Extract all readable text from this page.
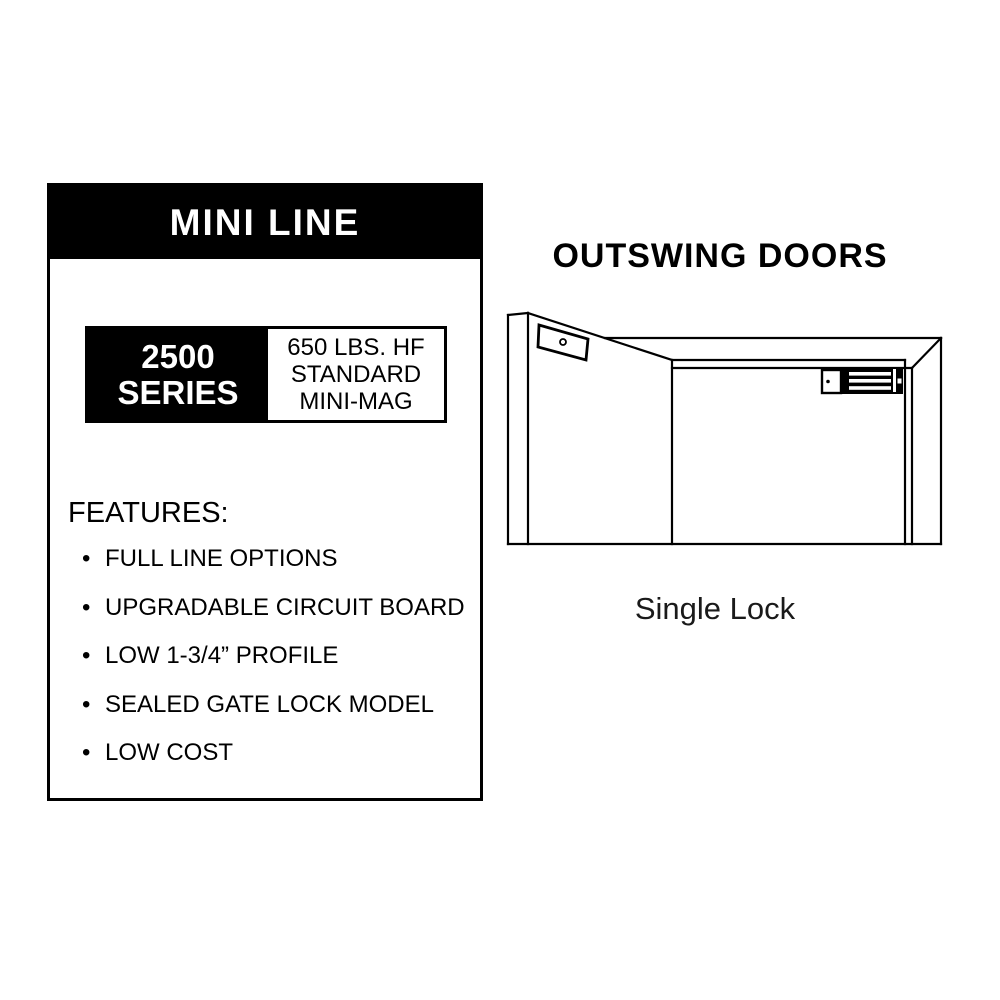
MINI LINE
2500
SERIES
650 LBS. HF
STANDARD
MINI-MAG
FEATURES:
• FULL LINE OPTIONS
• UPGRADABLE CIRCUIT BOARD
• LOW 1-3/4” PROFILE
• SEALED GATE LOCK MODEL
• LOW COST
OUTSWING DOORS
Single Lock
